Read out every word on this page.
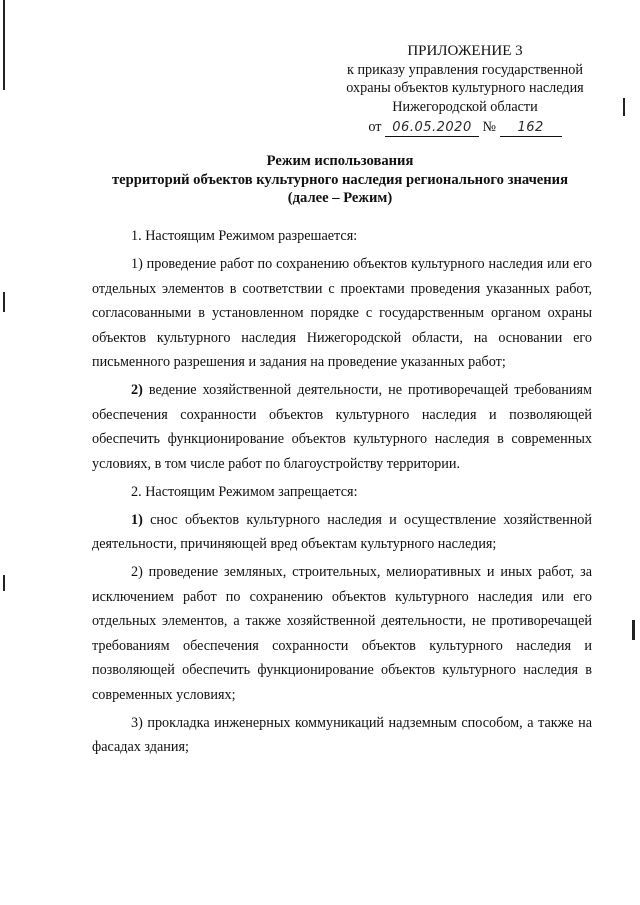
ПРИЛОЖЕНИЕ 3
к приказу управления государственной
охраны объектов культурного наследия
Нижегородской области
от 06.05.2020 № 162
Режим использования
территорий объектов культурного наследия регионального значения
(далее – Режим)

1. Настоящим Режимом разрешается:

1) проведение работ по сохранению объектов культурного наследия или его отдельных элементов в соответствии с проектами проведения указанных работ, согласованными в установленном порядке с государственным органом охраны объектов культурного наследия Нижегородской области, на основании его письменного разрешения и задания на проведение указанных работ;

2) ведение хозяйственной деятельности, не противоречащей требованиям обеспечения сохранности объектов культурного наследия и позволяющей обеспечить функционирование объектов культурного наследия в современных условиях, в том числе работ по благоустройству территории.

2. Настоящим Режимом запрещается:

1) снос объектов культурного наследия и осуществление хозяйственной деятельности, причиняющей вред объектам культурного наследия;

2) проведение земляных, строительных, мелиоративных и иных работ, за исключением работ по сохранению объектов культурного наследия или его отдельных элементов, а также хозяйственной деятельности, не противоречащей требованиям обеспечения сохранности объектов культурного наследия и позволяющей обеспечить функционирование объектов культурного наследия в современных условиях;

3) прокладка инженерных коммуникаций надземным способом, а также на фасадах здания;
